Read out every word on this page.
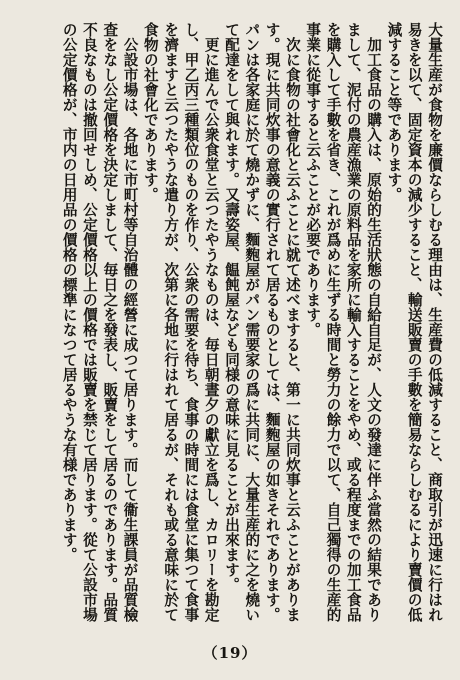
大量生産が食物を廉價ならしむる理由は、生産費の低減すること、商取引が迅速に行はれ易きを以て、固定資本の減少すること、輸送販賣の手數を簡易ならしむるにより賣價の低減すること等であります。

加工食品の購入は、原始的生活狀態の自給自足が、人文の發達に伴ふ當然の結果でありまして、泥付の農産漁業の原料品を家所に輸入することをやめ、或る程度までの加工食品を購入して手數を省き、これが爲めに生ずる時間と勞力の餘力で以て、自己獨得の生産的事業に從事すると云ふことが必要であります。

次に食物の社會化と云ふことに就て述べますると、第一に共同炊事と云ふことがあります。現に共同炊事の意義の實行されて居るものとしては、麵麭屋の如きそれであります。パンは各家庭に於て燒かずに、麵麭屋がパン需要家の爲に共同に、大量生産的に之を燒いて配達をして與れます。又壽姿屋、饂飩屋なども同様の意味に見ることが出來ます。

更に進んで公衆食堂と云つたやうなものは、毎日朝晝夕の獻立を爲し、カロリーを勘定し、甲乙丙三種類位のものを作り、公衆の需要を待ち、食事の時間には食堂に集つて食事を濟ますと云つたやうな遣り方が、次第に各地に行はれて居るが、それも或る意味に於て食物の社會化であります。

公設市場は、各地に市町村等自治體の經營に成つて居ります。而して衞生課員が品質檢査をなし公定價格を決定しまして、毎日之を發表し、販賣をして居るのであります。品質不良なものは撤回せしめ、公定價格以上の價格では販賣を禁じて居ります。從て公設市場の公定價格が、市内の日用品の價格の標準になつて居るやうな有様であります。

（19）
